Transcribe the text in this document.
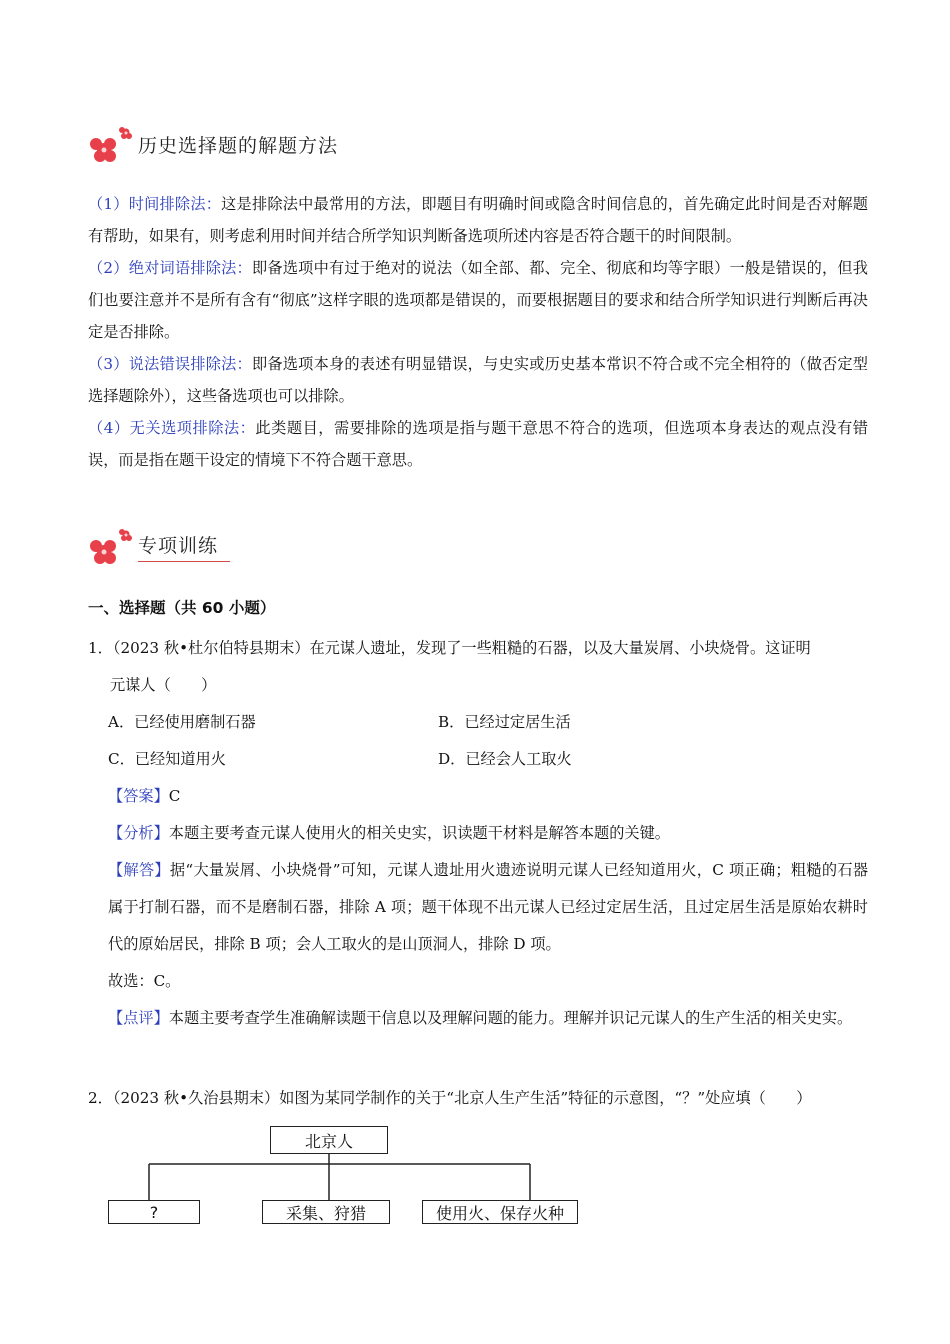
历史选择题的解题方法

（1）时间排除法：这是排除法中最常用的方法，即题目有明确时间或隐含时间信息的，首先确定此时间是否对解题有帮助，如果有，则考虑利用时间并结合所学知识判断备选项所述内容是否符合题干的时间限制。

（2）绝对词语排除法：即备选项中有过于绝对的说法（如全部、都、完全、彻底和均等字眼）一般是错误的，但我们也要注意并不是所有含有“彻底”这样字眼的选项都是错误的，而要根据题目的要求和结合所学知识进行判断后再决定是否排除。

（3）说法错误排除法：即备选项本身的表述有明显错误，与史实或历史基本常识不符合或不完全相符的（做否定型选择题除外），这些备选项也可以排除。

（4）无关选项排除法：此类题目，需要排除的选项是指与题干意思不符合的选项，但选项本身表达的观点没有错误，而是指在题干设定的情境下不符合题干意思。

专项训练
一、选择题（共 60 小题）

1．（2023 秋•杜尔伯特县期末）在元谋人遗址，发现了一些粗糙的石器，以及大量炭屑、小块烧骨。这证明
元谋人（　　）

A．已经使用磨制石器	B．已经过定居生活
C．已经知道用火	D．已经会人工取火

【答案】C

【分析】本题主要考查元谋人使用火的相关史实，识读题干材料是解答本题的关键。

【解答】据“大量炭屑、小块烧骨”可知，元谋人遗址用火遗迹说明元谋人已经知道用火，C 项正确；粗糙的石器属于打制石器，而不是磨制石器，排除 A 项；题干体现不出元谋人已经过定居生活，且过定居生活是原始农耕时代的原始居民，排除 B 项；会人工取火的是山顶洞人，排除 D 项。

故选：C。

【点评】本题主要考查学生准确解读题干信息以及理解问题的能力。理解并识记元谋人的生产生活的相关史实。

2．（2023 秋•久治县期末）如图为某同学制作的关于“北京人生产生活”特征的示意图，“？”处应填（　　）

北京人
?	采集、狩猎	使用火、保存火种
